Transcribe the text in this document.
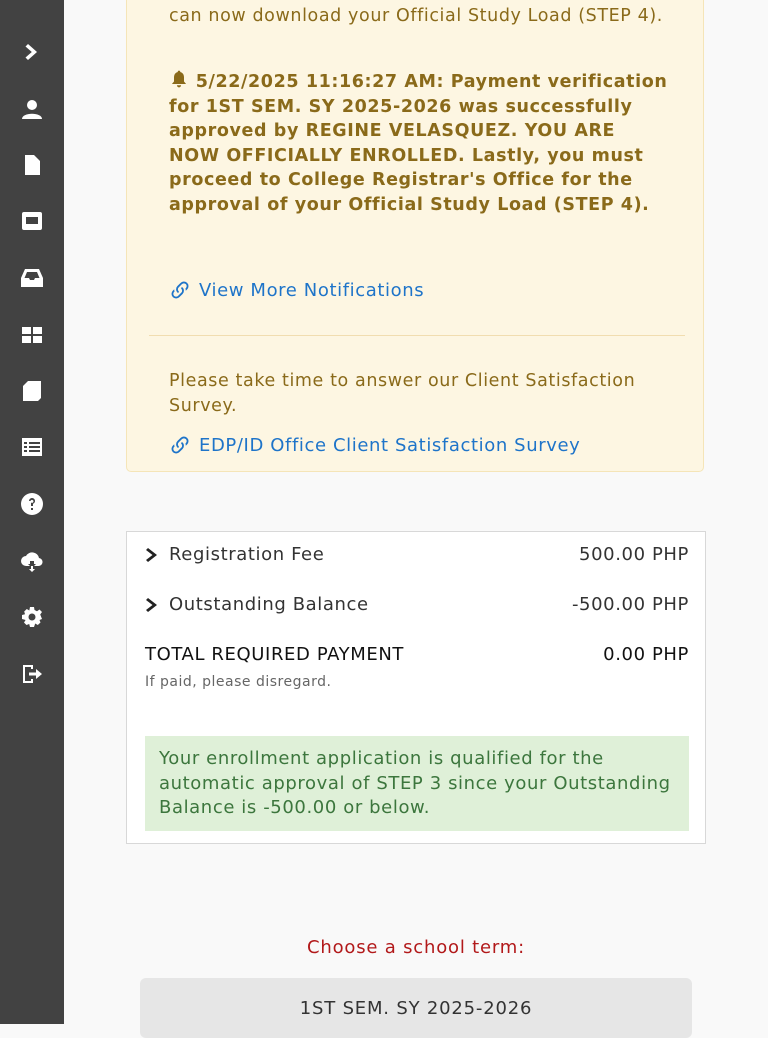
can now download your Official Study Load (STEP 4).
5/22/2025 11:16:27 AM: Payment verification for 1ST SEM. SY 2025-2026 was successfully approved by REGINE VELASQUEZ. YOU ARE NOW OFFICIALLY ENROLLED. Lastly, you must proceed to College Registrar's Office for the approval of your Official Study Load (STEP 4).
View More Notifications
Please take time to answer our Client Satisfaction Survey.
EDP/ID Office Client Satisfaction Survey
Registration Fee	500.00 PHP
Outstanding Balance	-500.00 PHP
TOTAL REQUIRED PAYMENT	0.00 PHP
If paid, please disregard.
Your enrollment application is qualified for the automatic approval of STEP 3 since your Outstanding Balance is -500.00 or below.
Choose a school term:
1ST SEM. SY 2025-2026
